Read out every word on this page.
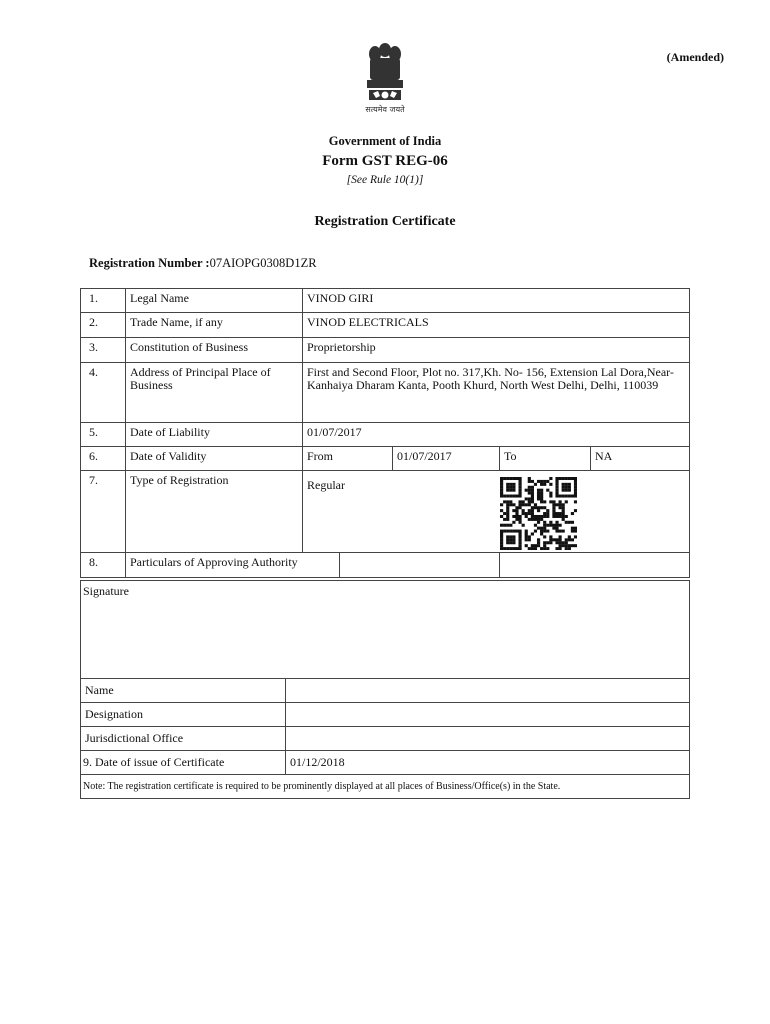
(Amended)
सत्यमेव जयते
Government of India
Form GST REG-06
[See Rule 10(1)]
Registration Certificate
Registration Number :07AIOPG0308D1ZR
1.	Legal Name	VINOD GIRI			
2.	Trade Name, if any	VINOD ELECTRICALS			
3.	Constitution of Business	Proprietorship			
4.	Address of Principal Place of Business	First and Second Floor, Plot no. 317,Kh. No- 156, Extension Lal Dora,Near-Kanhaiya Dharam Kanta, Pooth Khurd, North West Delhi, Delhi, 110039			
5.	Date of Liability	01/07/2017			
6.	Date of Validity	From	01/07/2017	To	NA
7.	Type of Registration	Regular			
8.	Particulars of Approving Authority				

Signature	
Name	
Designation	
Jurisdictional Office	
9. Date of issue of Certificate	01/12/2018
Note: The registration certificate is required to be prominently displayed at all places of Business/Office(s) in the State.	
